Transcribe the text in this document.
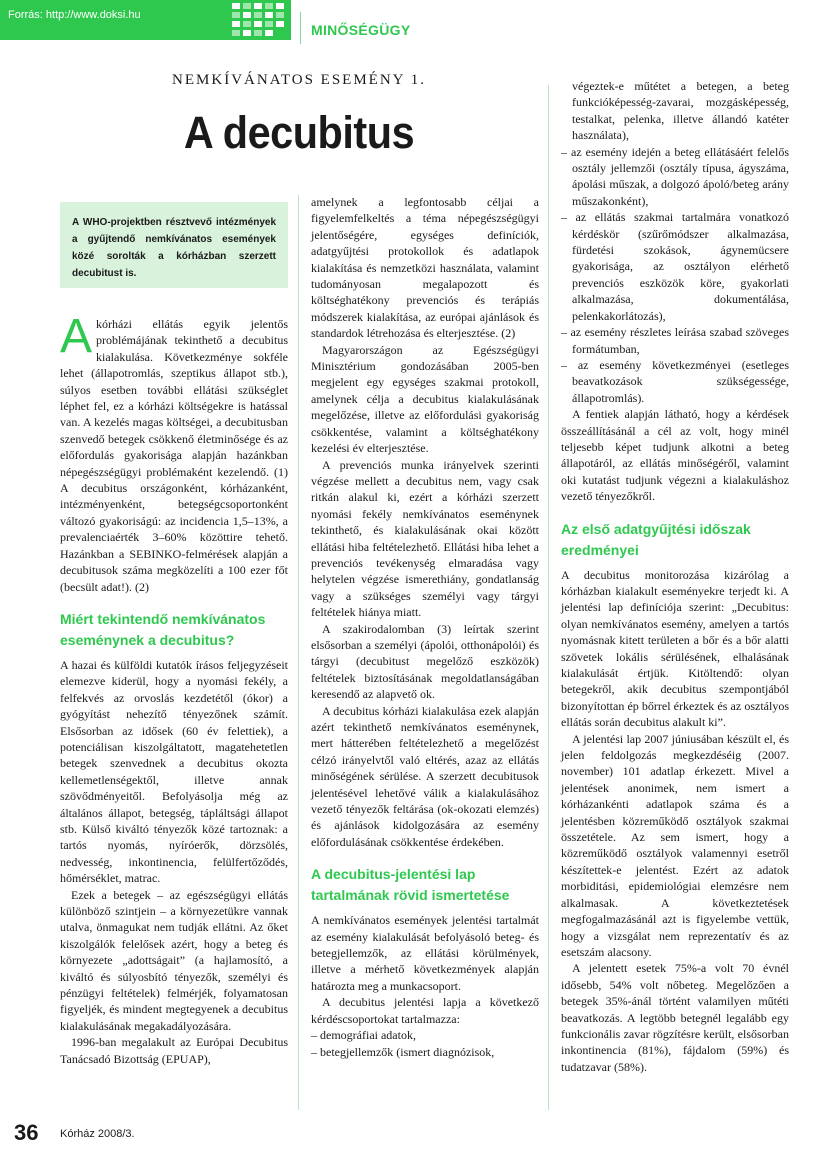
Forrás: http://www.doksi.hu
MINŐSÉGÜGY
NEMKÍVÁNATOS ESEMÉNY 1.
A decubitus
A WHO-projektben résztvevő intézmények a gyűjtendő nemkívánatos események közé sorolták a kórházban szerzett decubitust is.

A kórházi ellátás egyik jelentős problémájának tekinthető a decubitus kialakulása. Következménye sokféle lehet (állapotromlás, szeptikus állapot stb.), súlyos esetben további ellátási szükséglet léphet fel, ez a kórházi költségekre is hatással van. A kezelés magas költségei, a decubitusban szenvedő betegek csökkenő életminősége és az előfordulás gyakorisága alapján hazánkban népegészségügyi problémaként kezelendő. (1) A decubitus országonként, kórházanként, intézményenként, betegségcsoportonként változó gyakoriságú: az incidencia 1,5–13%, a prevalenciaérték 3–60% közöttire tehető. Hazánkban a SEBINKO-felmérések alapján a decubitusok száma megközelíti a 100 ezer főt (becsült adat!). (2)

Miért tekintendő nemkívánatos eseménynek a decubitus?

A hazai és külföldi kutatók írásos feljegyzéseit elemezve kiderül, hogy a nyomási fekély, a felfekvés az orvoslás kezdetétől (ókor) a gyógyítást nehezítő tényezőnek számít. Elsősorban az idősek (60 év felettiek), a potenciálisan kiszolgáltatott, magatehetetlen betegek szenvednek a decubitus okozta kellemetlenségektől, illetve annak szövődményeitől. Befolyásolja még az általános állapot, betegség, tápláltsági állapot stb. Külső kiváltó tényezők közé tartoznak: a tartós nyomás, nyíróerők, dörzsölés, nedvesség, inkontinencia, felülfertőződés, hőmérséklet, matrac.

Ezek a betegek – az egészségügyi ellátás különböző szintjein – a környezetükre vannak utalva, önmagukat nem tudják ellátni. Az őket kiszolgálók felelősek azért, hogy a beteg és környezete „adottságait” (a hajlamosító, a kiváltó és súlyosbító tényezők, személyi és pénzügyi feltételek) felmérjék, folyamatosan figyeljék, és mindent megtegyenek a decubitus kialakulásának megakadályozására.

1996-ban megalakult az Európai Decubitus Tanácsadó Bizottság (EPUAP),

amelynek a legfontosabb céljai a figyelemfelkeltés a téma népegészségügyi jelentőségére, egységes definíciók, adatgyűjtési protokollok és adatlapok kialakítása és nemzetközi használata, valamint tudományosan megalapozott és költséghatékony prevenciós és terápiás módszerek kialakítása, az európai ajánlások és standardok létrehozása és elterjesztése. (2)

Magyarországon az Egészségügyi Minisztérium gondozásában 2005-ben megjelent egy egységes szakmai protokoll, amelynek célja a decubitus kialakulásának megelőzése, illetve az előfordulási gyakoriság csökkentése, valamint a költséghatékony kezelési év elterjesztése.

A prevenciós munka irányelvek szerinti végzése mellett a decubitus nem, vagy csak ritkán alakul ki, ezért a kórházi szerzett nyomási fekély nemkívánatos eseménynek tekinthető, és kialakulásának okai között ellátási hiba feltételezhető. Ellátási hiba lehet a prevenciós tevékenység elmaradása vagy helytelen végzése ismerethiány, gondatlanság vagy a szükséges személyi vagy tárgyi feltételek hiánya miatt.

A szakirodalomban (3) leírtak szerint elsősorban a személyi (ápolói, otthonápolói) és tárgyi (decubitust megelőző eszközök) feltételek biztosításának megoldatlanságában keresendő az alapvető ok.

A decubitus kórházi kialakulása ezek alapján azért tekinthető nemkívánatos eseménynek, mert hátterében feltételezhető a megelőzést célzó irányelvtől való eltérés, azaz az ellátás minőségének sérülése. A szerzett decubitusok jelentésével lehetővé válik a kialakulásához vezető tényezők feltárása (ok-okozati elemzés) és ajánlások kidolgozására az esemény előfordulásának csökkentése érdekében.

A decubitus-jelentési lap tartalmának rövid ismertetése

A nemkívánatos események jelentési tartalmát az esemény kialakulását befolyásoló beteg- és betegjellemzők, az ellátási körülmények, illetve a mérhető következmények alapján határozta meg a munkacsoport.

A decubitus jelentési lapja a következő kérdéscsoportokat tartalmazza:

– demográfiai adatok,
– betegjellemzők (ismert diagnózisok,
végeztek-e műtétet a betegen, a beteg funkcióképesség-zavarai, mozgásképesség, testalkat, pelenka, illetve állandó katéter használata),
– az esemény idején a beteg ellátásáért felelős osztály jellemzői (osztály típusa, ágyszáma, ápolási műszak, a dolgozó ápoló/beteg arány műszakonként),
– az ellátás szakmai tartalmára vonatkozó kérdéskör (szűrőmódszer alkalmazása, fürdetési szokások, ágynemücsere gyakorisága, az osztályon elérhető prevenciós eszközök köre, gyakorlati alkalmazása, dokumentálása, pelenkakorlátozás),
– az esemény részletes leírása szabad szöveges formátumban,
– az esemény következményei (esetleges beavatkozások szükségessége, állapotromlás).

A fentiek alapján látható, hogy a kérdések összeállításánál a cél az volt, hogy minél teljesebb képet tudjunk alkotni a beteg állapotáról, az ellátás minőségéről, valamint oki kutatást tudjunk végezni a kialakuláshoz vezető tényezőkről.

Az első adatgyűjtési időszak eredményei

A decubitus monitorozása kizárólag a kórházban kialakult eseményekre terjedt ki. A jelentési lap definíciója szerint: „Decubitus: olyan nemkívánatos esemény, amelyen a tartós nyomásnak kitett területen a bőr és a bőr alatti szövetek lokális sérülésének, elhalásának kialakulását értjük. Kitöltendő: olyan betegekről, akik decubitus szempontjából bizonyítottan ép bőrrel érkeztek és az osztályos ellátás során decubitus alakult ki”.

A jelentési lap 2007 júniusában készült el, és jelen feldolgozás megkezdéséig (2007. november) 101 adatlap érkezett. Mivel a jelentések anonimek, nem ismert a kórházankénti adatlapok száma és a jelentésben közreműködő osztályok szakmai összetétele. Az sem ismert, hogy a közreműködő osztályok valamennyi esetről készítettek-e jelentést. Ezért az adatok morbiditási, epidemiológiai elemzésre nem alkalmasak. A következtetések megfogalmazásánál azt is figyelembe vettük, hogy a vizsgálat nem reprezentatív és az esetszám alacsony.

A jelentett esetek 75%-a volt 70 évnél idősebb, 54% volt nőbeteg. Megelőzően a betegek 35%-ánál történt valamilyen műtéti beavatkozás. A legtöbb betegnél legalább egy funkcionális zavar rögzítésre került, elsősorban inkontinencia (81%), fájdalom (59%) és tudatzavar (58%).

36 Kórház 2008/3.
